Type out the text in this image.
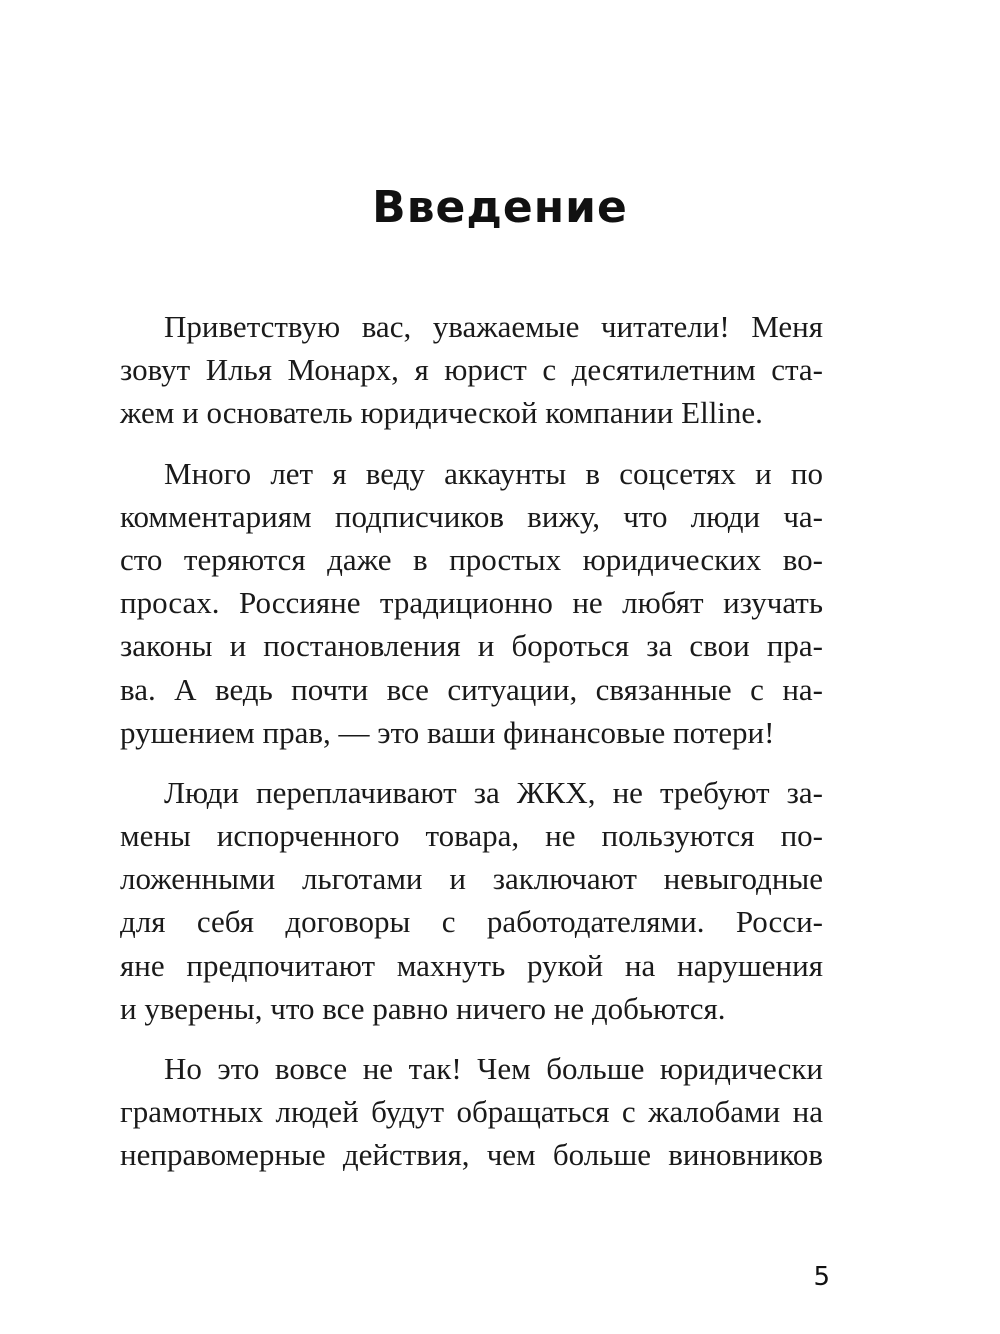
Введение

Приветствую вас, уважаемые читатели! Меня
зовут Илья Монарх, я юрист с десятилетним ста-
жем и основатель юридической компании Elline.

Много лет я веду аккаунты в соцсетях и по
комментариям подписчиков вижу, что люди ча-
сто теряются даже в простых юридических во-
просах. Россияне традиционно не любят изучать
законы и постановления и бороться за свои пра-
ва. А ведь почти все ситуации, связанные с на-
рушением прав, — это ваши финансовые потери!

Люди переплачивают за ЖКХ, не требуют за-
мены испорченного товара, не пользуются по-
ложенными льготами и заключают невыгодные
для себя договоры с работодателями. Росси-
яне предпочитают махнуть рукой на нарушения
и уверены, что все равно ничего не добьются.

Но это вовсе не так! Чем больше юридически
грамотных людей будут обращаться с жалобами на
неправомерные действия, чем больше виновников

5
